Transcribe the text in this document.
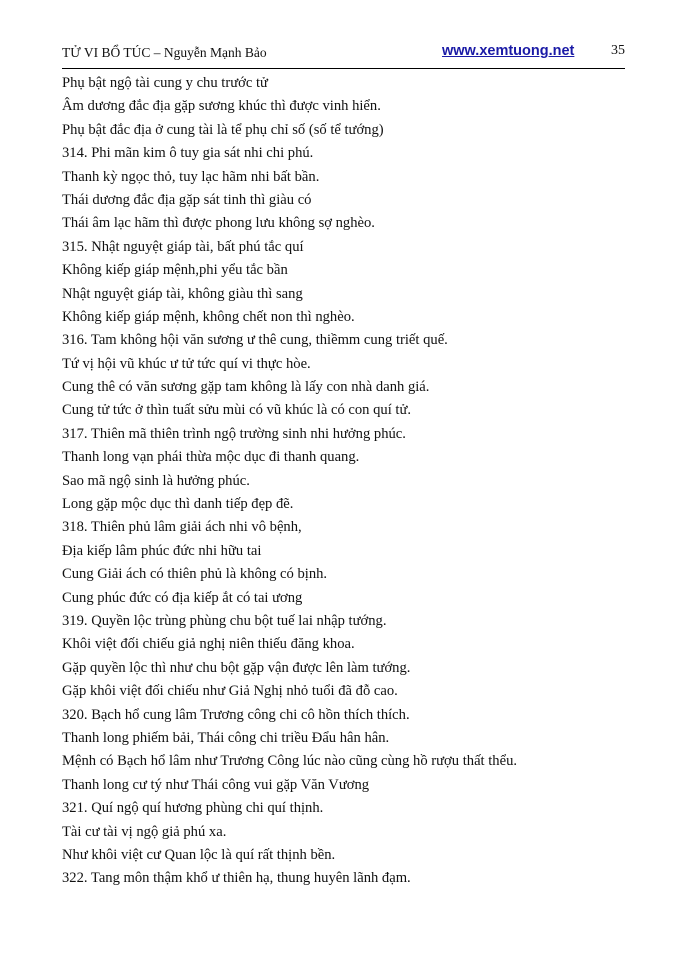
TỬ VI BỔ TÚC – Nguyễn Mạnh Bảo	www.xemtuong.net	35
Phụ bật ngộ tài cung y chu trước tử
Âm dương đắc địa gặp sương khúc thì được vinh hiển.
Phụ bật đắc địa ở cung tài là tể phụ chỉ số (số tể tướng)
314. Phi mãn kim ô tuy gia sát nhi chi phú.
Thanh kỳ ngọc thỏ, tuy lạc hãm nhi bất bần.
Thái dương đắc địa gặp sát tinh thì giàu có
Thái âm lạc hãm thì được phong lưu không sợ nghèo.
315. Nhật nguyệt giáp tài, bất phú tắc quí
Không kiếp giáp mệnh,phi yểu tắc bần
Nhật nguyệt giáp tài, không giàu thì sang
Không kiếp giáp mệnh, không chết non thì nghèo.
316. Tam không hội văn sương ư thê cung, thiềmm cung triết quế.
Tứ vị hội vũ khúc ư tử tức quí vi thực hòe.
Cung thê có văn sương gặp tam không là lấy con nhà danh giá.
Cung tử tức ở thìn tuất sửu mùi có vũ khúc là có con quí tử.
317. Thiên mã thiên trình ngộ trường sinh nhi hưởng phúc.
Thanh long vạn phái thừa mộc dục đi thanh quang.
Sao mã ngộ sinh là hưởng phúc.
Long gặp mộc dục thì danh tiếp đẹp đẽ.
318. Thiên phủ lâm giải ách nhi vô bệnh,
Địa kiếp lâm phúc đức nhi hữu tai
Cung Giải ách có thiên phủ là không có bịnh.
Cung phúc đức có địa kiếp ắt có tai ương
319. Quyền lộc trùng phùng chu bột tuế lai nhập tướng.
Khôi việt đối chiếu giả nghị niên thiếu đăng khoa.
Gặp quyền lộc thì như chu bột gặp vận được lên làm tướng.
Gặp khôi việt đối chiếu như Giả Nghị nhỏ tuổi đã đỗ cao.
320. Bạch hổ cung lâm Trương công chi cô hồn thích thích.
Thanh long phiếm bải, Thái công chi triều Đẩu hân hân.
Mệnh có Bạch hổ lâm như Trương Công lúc nào cũng cùng hồ rượu thất thểu.
Thanh long cư tý như Thái công vui gặp Văn Vương
321. Quí ngộ quí hương phùng chi quí thịnh.
Tài cư tài vị ngộ giả phú xa.
Như khôi việt cư Quan lộc là quí rất thịnh bền.
322. Tang môn thậm khổ ư thiên hạ, thung huyên lãnh đạm.
